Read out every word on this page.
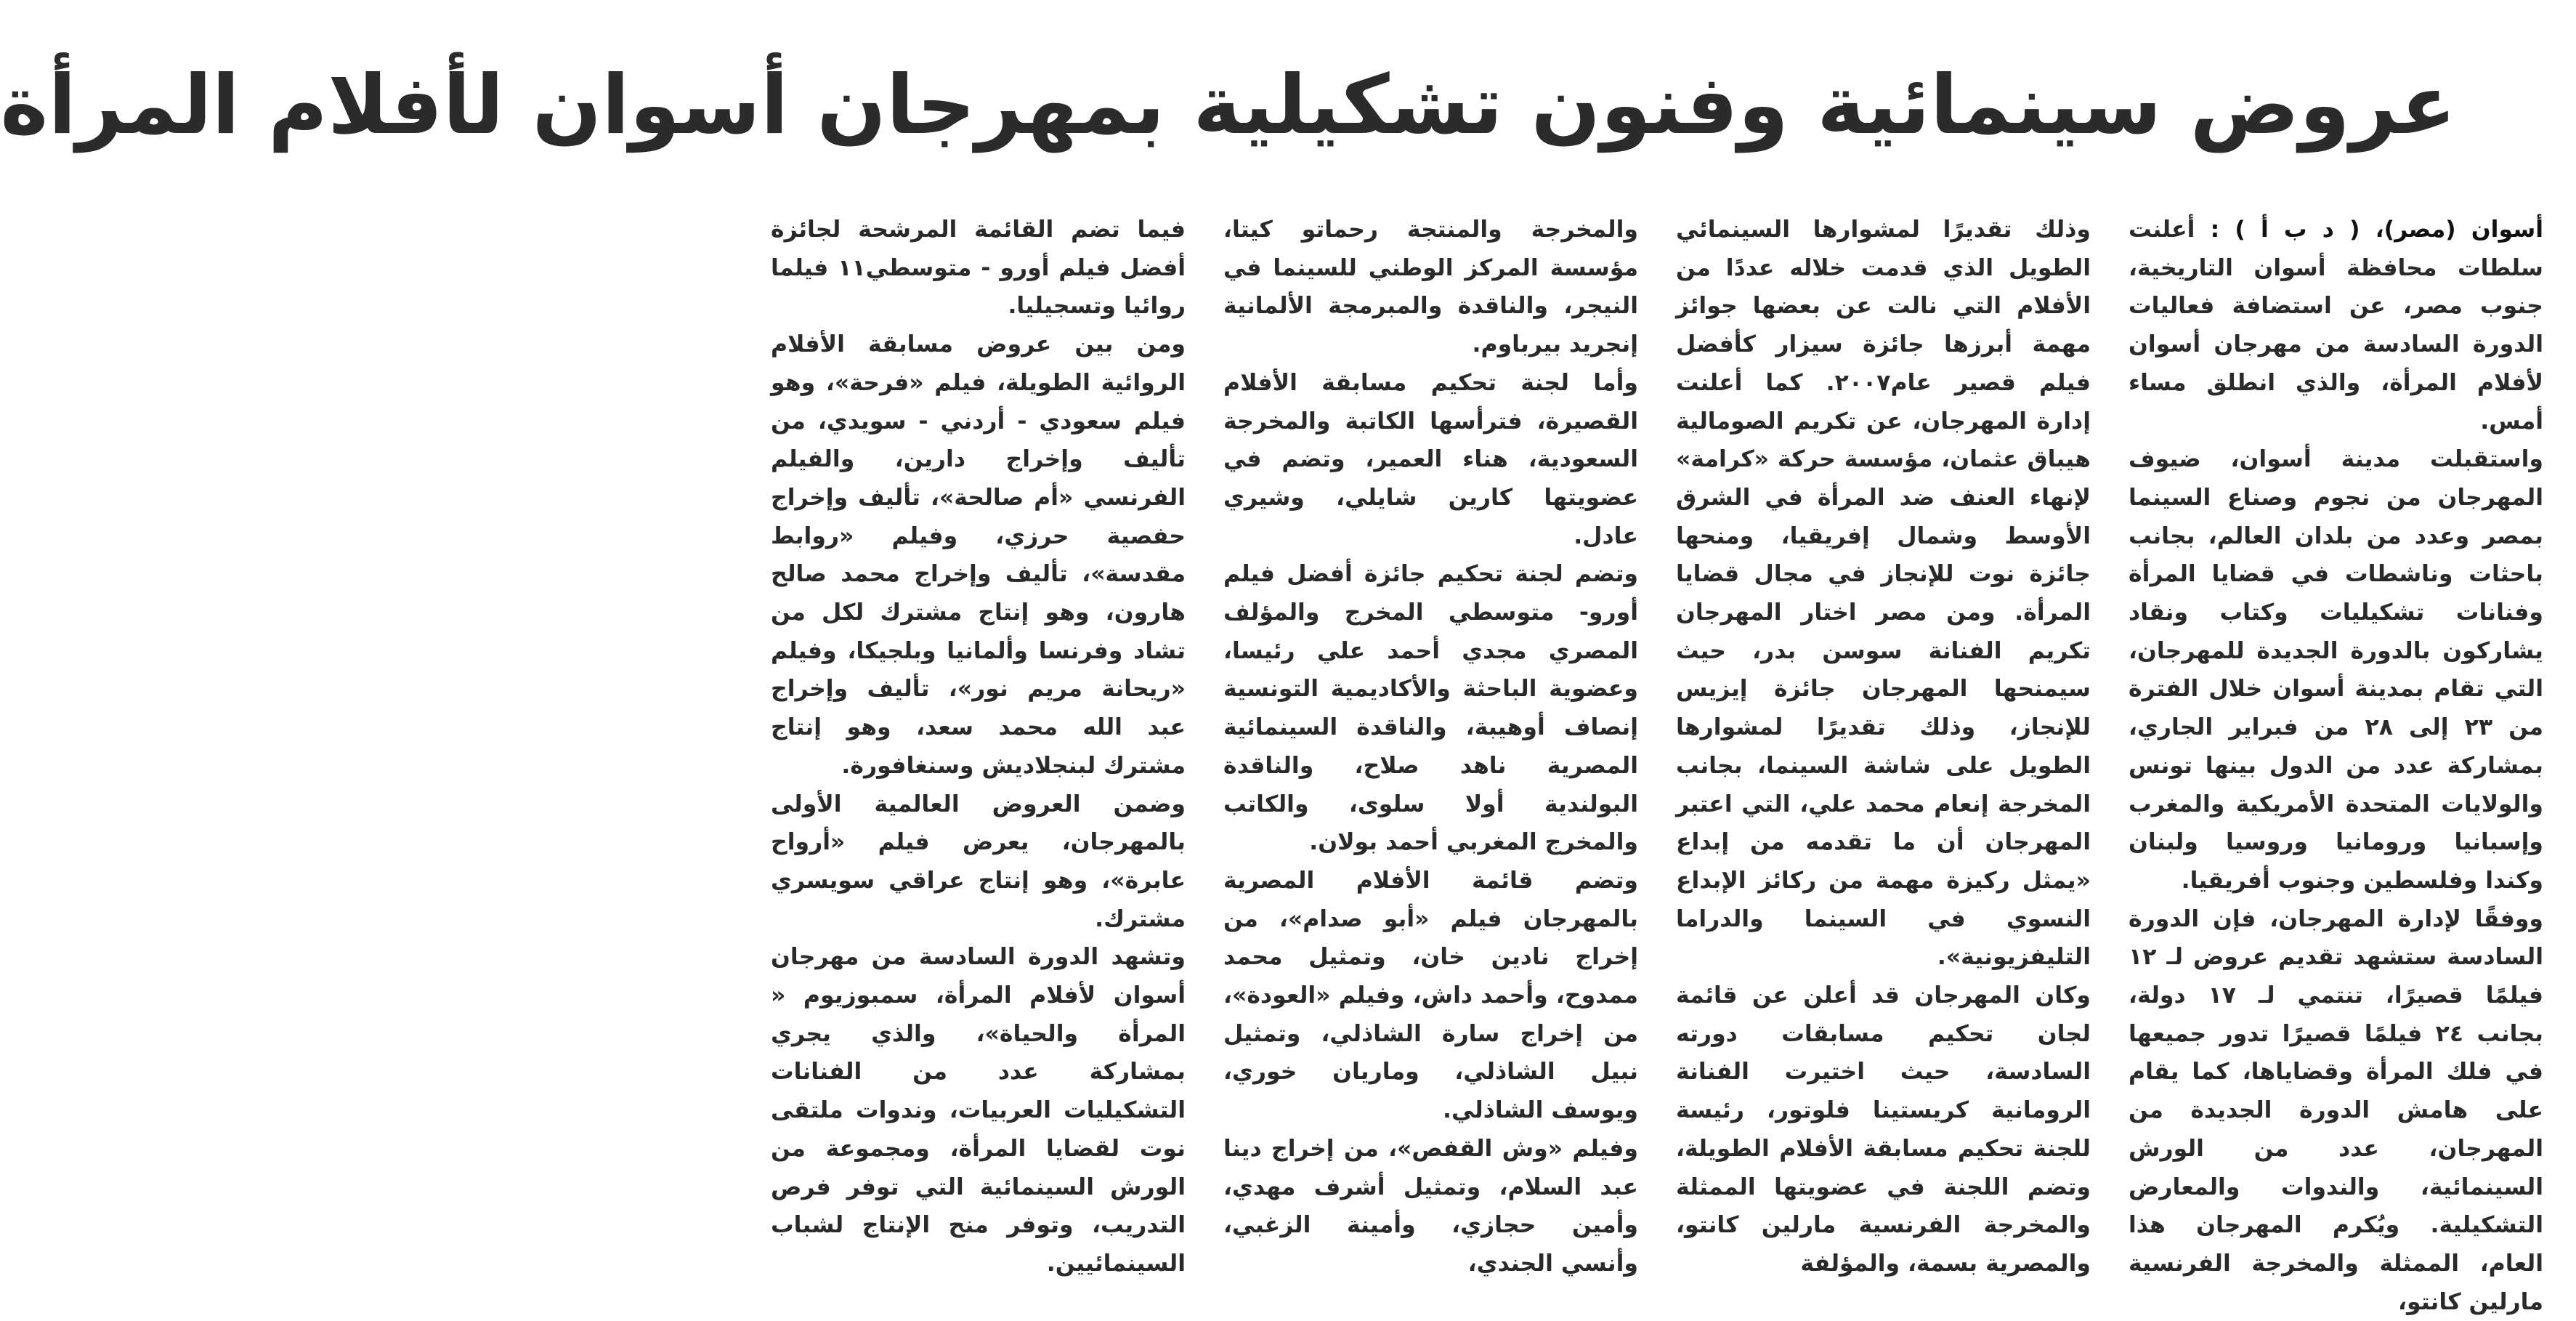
عروض سينمائية وفنون تشكيلية بمهرجان أسوان لأفلام المرأة

أسوان (مصر)، ( د ب أ ) : أعلنت سلطات محافظة أسوان التاريخية، جنوب مصر، عن استضافة فعاليات الدورة السادسة من مهرجان أسوان لأفلام المرأة، والذي انطلق مساء أمس.

واستقبلت مدينة أسوان، ضيوف المهرجان من نجوم وصناع السينما بمصر وعدد من بلدان العالم، بجانب باحثات وناشطات في قضايا المرأة وفنانات تشكيليات وكتاب ونقاد يشاركون بالدورة الجديدة للمهرجان، التي تقام بمدينة أسوان خلال الفترة من ٢٣ إلى ٢٨ من فبراير الجاري، بمشاركة عدد من الدول بينها تونس والولايات المتحدة الأمريكية والمغرب وإسبانيا ورومانيا وروسيا ولبنان وكندا وفلسطين وجنوب أفريقيا.

ووفقًا لإدارة المهرجان، فإن الدورة السادسة ستشهد تقديم عروض لـ ١٢ فيلمًا قصيرًا، تنتمي لـ ١٧ دولة، بجانب ٢٤ فيلمًا قصيرًا تدور جميعها في فلك المرأة وقضاياها، كما يقام على هامش الدورة الجديدة من المهرجان، عدد من الورش السينمائية، والندوات والمعارض التشكيلية. ويُكرم المهرجان هذا العام، الممثلة والمخرجة الفرنسية مارلين كانتو،

وذلك تقديرًا لمشوارها السينمائي الطويل الذي قدمت خلاله عددًا من الأفلام التي نالت عن بعضها جوائز مهمة أبرزها جائزة سيزار كأفضل فيلم قصير عام٢٠٠٧. كما أعلنت إدارة المهرجان، عن تكريم الصومالية هيباق عثمان، مؤسسة حركة «كرامة» لإنهاء العنف ضد المرأة في الشرق الأوسط وشمال إفريقيا، ومنحها جائزة نوت للإنجاز في مجال قضايا المرأة. ومن مصر اختار المهرجان تكريم الفنانة سوسن بدر، حيث سيمنحها المهرجان جائزة إيزيس للإنجاز، وذلك تقديرًا لمشوارها الطويل على شاشة السينما، بجانب المخرجة إنعام محمد علي، التي اعتبر المهرجان أن ما تقدمه من إبداع «يمثل ركيزة مهمة من ركائز الإبداع النسوي في السينما والدراما التليفزيونية».

وكان المهرجان قد أعلن عن قائمة لجان تحكيم مسابقات دورته السادسة، حيث اختيرت الفنانة الرومانية كريستينا فلوتور، رئيسة للجنة تحكيم مسابقة الأفلام الطويلة، وتضم اللجنة في عضويتها الممثلة والمخرجة الفرنسية مارلين كانتو، والمصرية بسمة، والمؤلفة

والمخرجة والمنتجة رحماتو كيتا، مؤسسة المركز الوطني للسينما في النيجر، والناقدة والمبرمجة الألمانية إنجريد بيرباوم.

وأما لجنة تحكيم مسابقة الأفلام القصيرة، فترأسها الكاتبة والمخرجة السعودية، هناء العمير، وتضم في عضويتها كارين شايلي، وشيري عادل.

وتضم لجنة تحكيم جائزة أفضل فيلم أورو- متوسطي المخرج والمؤلف المصري مجدي أحمد علي رئيسا، وعضوية الباحثة والأكاديمية التونسية إنصاف أوهيبة، والناقدة السينمائية المصرية ناهد صلاح، والناقدة البولندية أولا سلوى، والكاتب والمخرج المغربي أحمد بولان.

وتضم قائمة الأفلام المصرية بالمهرجان فيلم «أبو صدام»، من إخراج نادين خان، وتمثيل محمد ممدوح، وأحمد داش، وفيلم «العودة»، من إخراج سارة الشاذلي، وتمثيل نبيل الشاذلي، وماريان خوري، ويوسف الشاذلي.

وفيلم «وش القفص»، من إخراج دينا عبد السلام، وتمثيل أشرف مهدي، وأمين حجازي، وأمينة الزغبي، وأنسي الجندي،

فيما تضم القائمة المرشحة لجائزة أفضل فيلم أورو - متوسطي١١ فيلما روائيا وتسجيليا.

ومن بين عروض مسابقة الأفلام الروائية الطويلة، فيلم «فرحة»، وهو فيلم سعودي - أردني - سويدي، من تأليف وإخراج دارين، والفيلم الفرنسي «أم صالحة»، تأليف وإخراج حفصية حرزي، وفيلم «روابط مقدسة»، تأليف وإخراج محمد صالح هارون، وهو إنتاج مشترك لكل من تشاد وفرنسا وألمانيا وبلجيكا، وفيلم «ريحانة مريم نور»، تأليف وإخراج عبد الله محمد سعد، وهو إنتاج مشترك لبنجلاديش وسنغافورة.

وضمن العروض العالمية الأولى بالمهرجان، يعرض فيلم «أرواح عابرة»، وهو إنتاج عراقي سويسري مشترك.

وتشهد الدورة السادسة من مهرجان أسوان لأفلام المرأة، سمبوزيوم « المرأة والحياة»، والذي يجري بمشاركة عدد من الفنانات التشكيليات العربيات، وندوات ملتقى نوت لقضايا المرأة، ومجموعة من الورش السينمائية التي توفر فرص التدريب، وتوفر منح الإنتاج لشباب السينمائيين.
